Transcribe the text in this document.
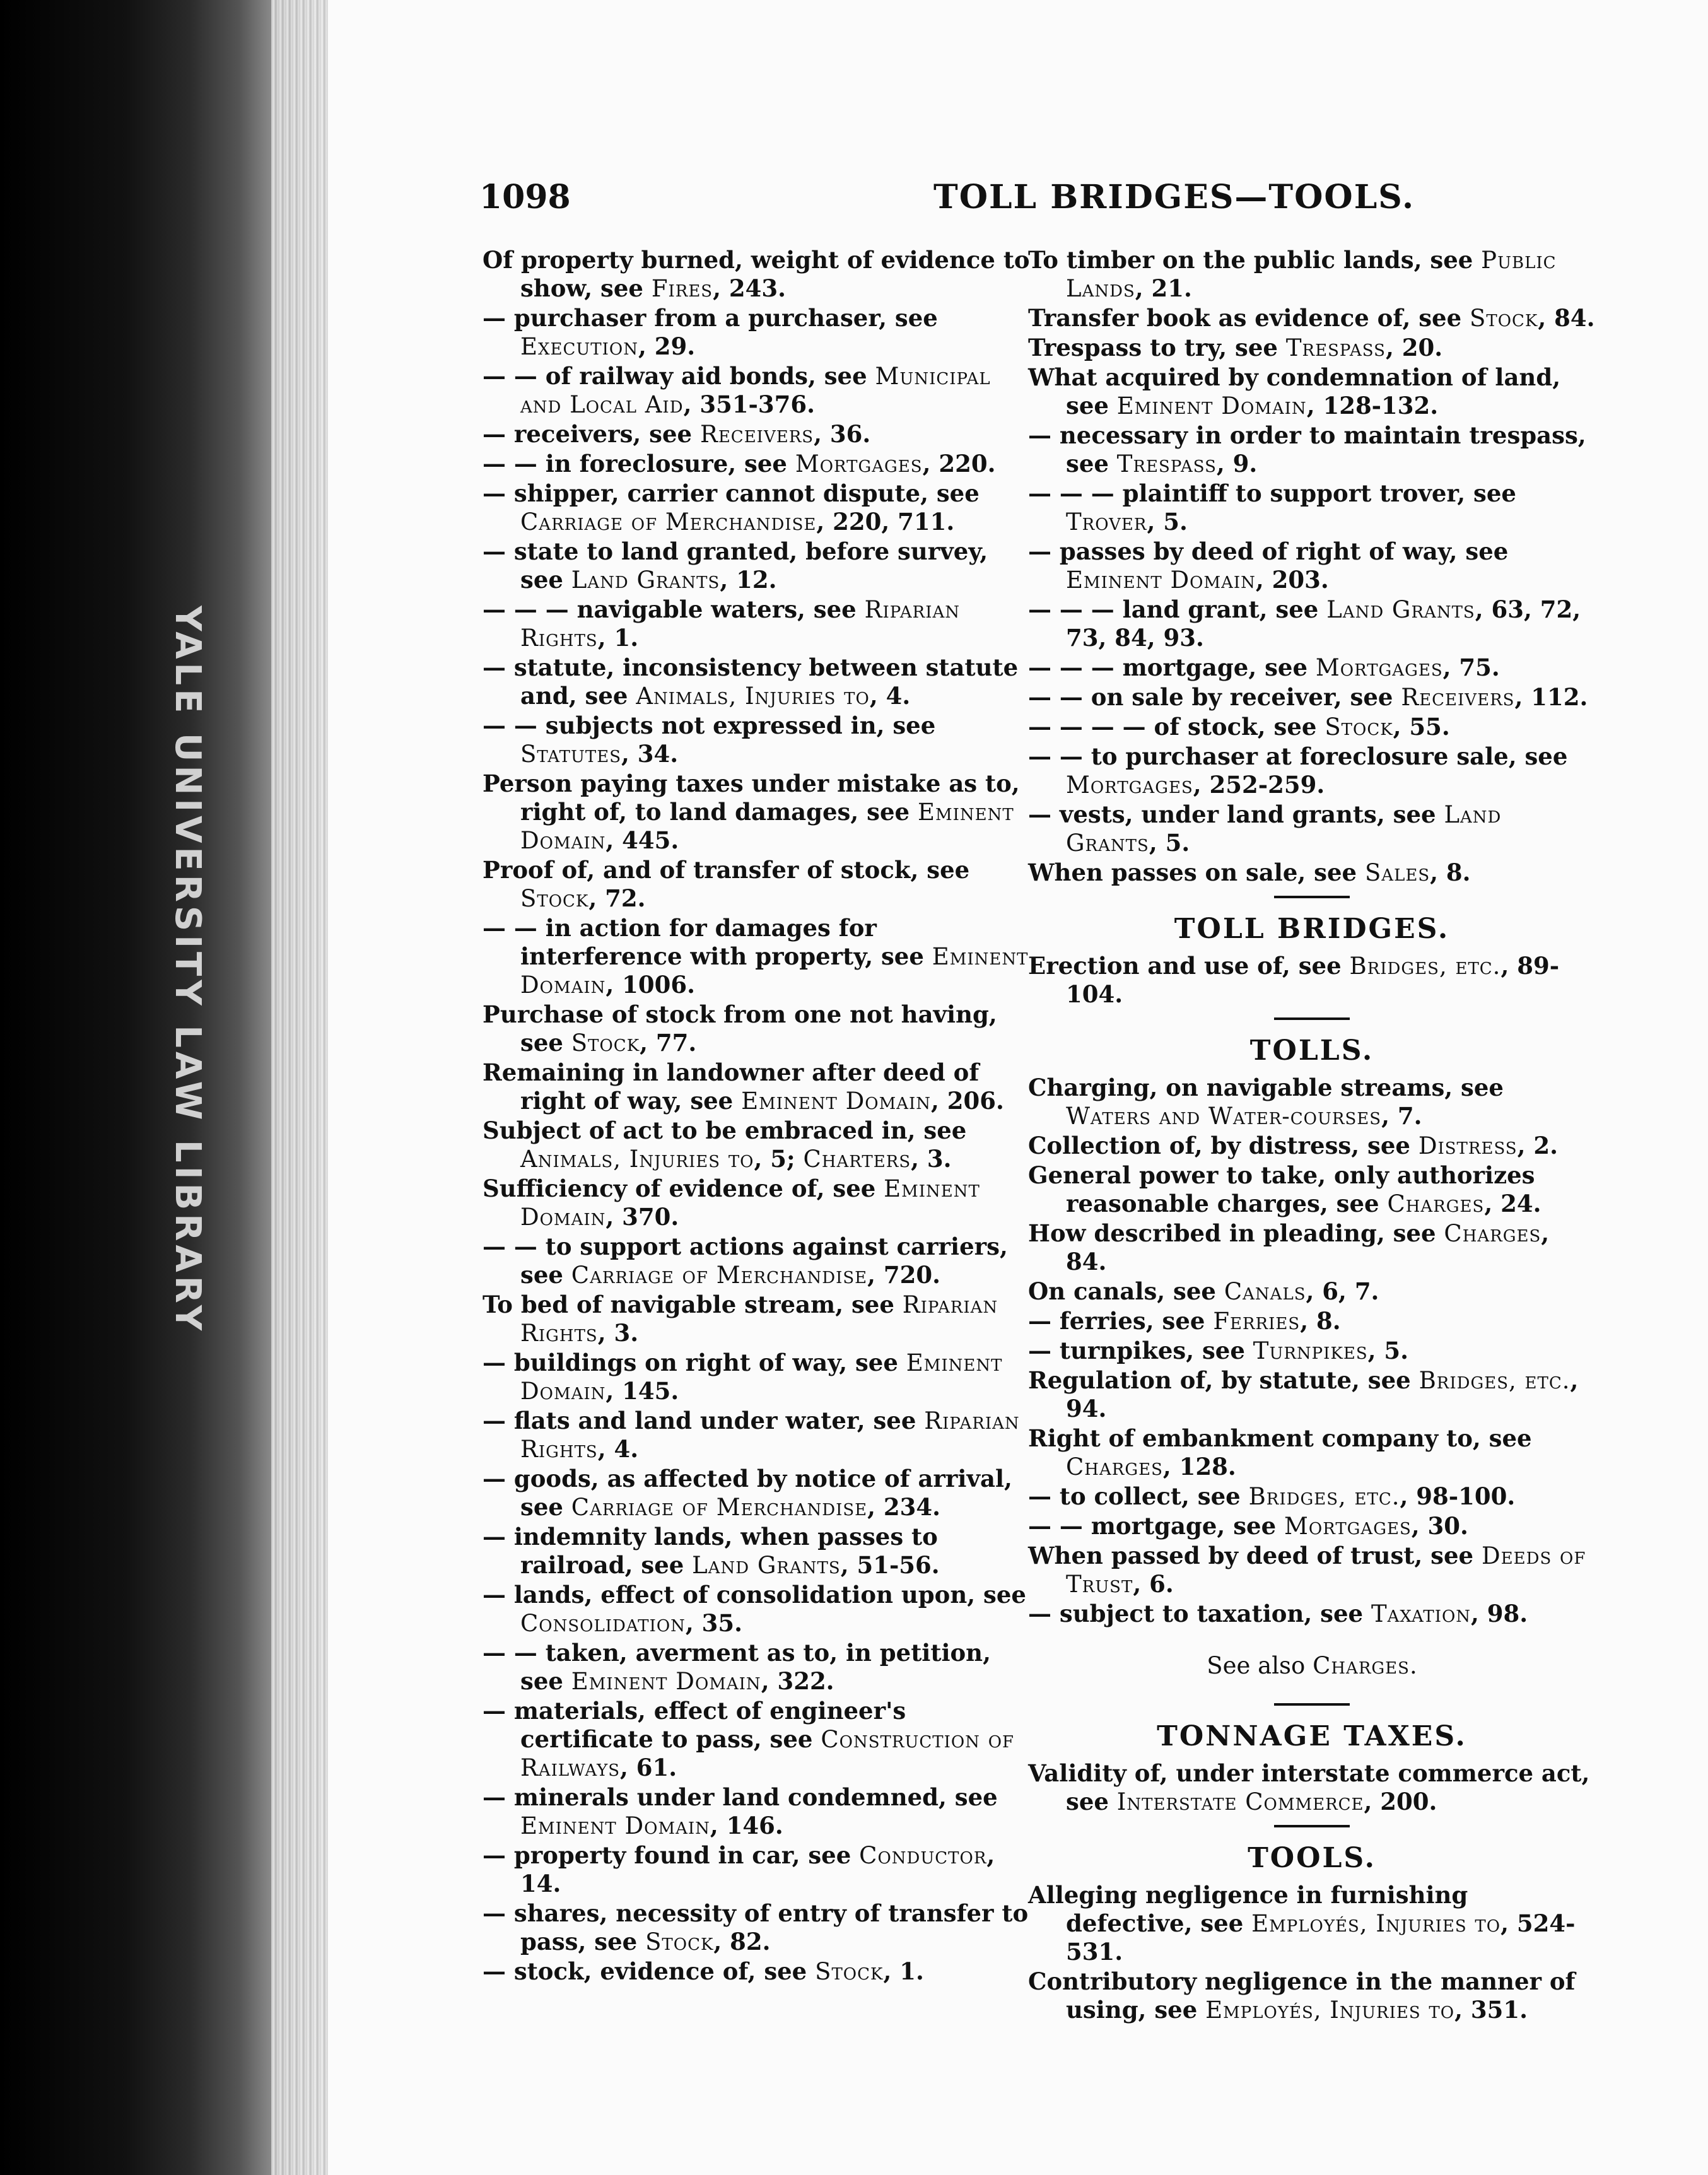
YALE UNIVERSITY LAW LIBRARY
1098	TOLL BRIDGES—TOOLS.

Of property burned, weight of evidence to show, see Fires, 243.

— purchaser from a purchaser, see Execution, 29.

— — of railway aid bonds, see Municipal and Local Aid, 351-376.

— receivers, see Receivers, 36.

— — in foreclosure, see Mortgages, 220.

— shipper, carrier cannot dispute, see Carriage of Merchandise, 220, 711.

— state to land granted, before survey, see Land Grants, 12.

— — — navigable waters, see Riparian Rights, 1.

— statute, inconsistency between statute and, see Animals, Injuries to, 4.

— — subjects not expressed in, see Statutes, 34.

Person paying taxes under mistake as to, right of, to land damages, see Eminent Domain, 445.

Proof of, and of transfer of stock, see Stock, 72.

— — in action for damages for interference with property, see Eminent Domain, 1006.

Purchase of stock from one not having, see Stock, 77.

Remaining in landowner after deed of right of way, see Eminent Domain, 206.

Subject of act to be embraced in, see Animals, Injuries to, 5; Charters, 3.

Sufficiency of evidence of, see Eminent Domain, 370.

— — to support actions against carriers, see Carriage of Merchandise, 720.

To bed of navigable stream, see Riparian Rights, 3.

— buildings on right of way, see Eminent Domain, 145.

— flats and land under water, see Riparian Rights, 4.

— goods, as affected by notice of arrival, see Carriage of Merchandise, 234.

— indemnity lands, when passes to railroad, see Land Grants, 51-56.

— lands, effect of consolidation upon, see Consolidation, 35.

— — taken, averment as to, in petition, see Eminent Domain, 322.

— materials, effect of engineer's certificate to pass, see Construction of Railways, 61.

— minerals under land condemned, see Eminent Domain, 146.

— property found in car, see Conductor, 14.

— shares, necessity of entry of transfer to pass, see Stock, 82.

— stock, evidence of, see Stock, 1.

To timber on the public lands, see Public Lands, 21.

Transfer book as evidence of, see Stock, 84.

Trespass to try, see Trespass, 20.

What acquired by condemnation of land, see Eminent Domain, 128-132.

— necessary in order to maintain trespass, see Trespass, 9.

— — — plaintiff to support trover, see Trover, 5.

— passes by deed of right of way, see Eminent Domain, 203.

— — — land grant, see Land Grants, 63, 72, 73, 84, 93.

— — — mortgage, see Mortgages, 75.

— — on sale by receiver, see Receivers, 112.

— — — — of stock, see Stock, 55.

— — to purchaser at foreclosure sale, see Mortgages, 252-259.

— vests, under land grants, see Land Grants, 5.

When passes on sale, see Sales, 8.

TOLL BRIDGES.

Erection and use of, see Bridges, etc., 89-104.

TOLLS.

Charging, on navigable streams, see Waters and Water-courses, 7.

Collection of, by distress, see Distress, 2.

General power to take, only authorizes reasonable charges, see Charges, 24.

How described in pleading, see Charges, 84.

On canals, see Canals, 6, 7.

— ferries, see Ferries, 8.

— turnpikes, see Turnpikes, 5.

Regulation of, by statute, see Bridges, etc., 94.

Right of embankment company to, see Charges, 128.

— to collect, see Bridges, etc., 98-100.

— — mortgage, see Mortgages, 30.

When passed by deed of trust, see Deeds of Trust, 6.

— subject to taxation, see Taxation, 98.

See also Charges.

TONNAGE TAXES.

Validity of, under interstate commerce act, see Interstate Commerce, 200.

TOOLS.

Alleging negligence in furnishing defective, see Employés, Injuries to, 524-531.

Contributory negligence in the manner of using, see Employés, Injuries to, 351.
